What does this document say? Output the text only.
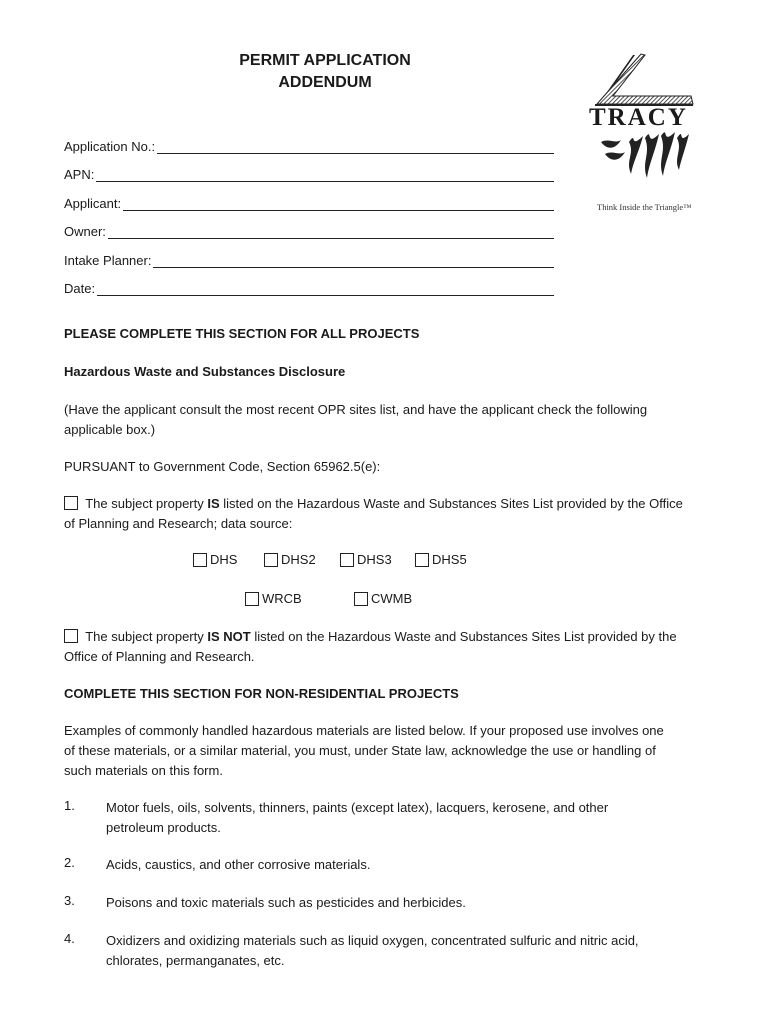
PERMIT APPLICATION
ADDENDUM
TRACY
Think Inside the Triangle™
Application No.:
APN:
Applicant:
Owner:
Intake Planner:
Date:
PLEASE COMPLETE THIS SECTION FOR ALL PROJECTS
Hazardous Waste and Substances Disclosure
(Have the applicant consult the most recent OPR sites list, and have the applicant check the following applicable box.)
PURSUANT to Government Code, Section 65962.5(e):
The subject property IS listed on the Hazardous Waste and Substances Sites List provided by the Office of Planning and Research; data source:
DHS	DHS2	DHS3	DHS5
WRCB	CWMB
The subject property IS NOT listed on the Hazardous Waste and Substances Sites List provided by the Office of Planning and Research.
COMPLETE THIS SECTION FOR NON-RESIDENTIAL PROJECTS
Examples of commonly handled hazardous materials are listed below. If your proposed use involves one of these materials, or a similar material, you must, under State law, acknowledge the use or handling of such materials on this form.
1.	Motor fuels, oils, solvents, thinners, paints (except latex), lacquers, kerosene, and other petroleum products.
2.	Acids, caustics, and other corrosive materials.
3.	Poisons and toxic materials such as pesticides and herbicides.
4.	Oxidizers and oxidizing materials such as liquid oxygen, concentrated sulfuric and nitric acid, chlorates, permanganates, etc.
